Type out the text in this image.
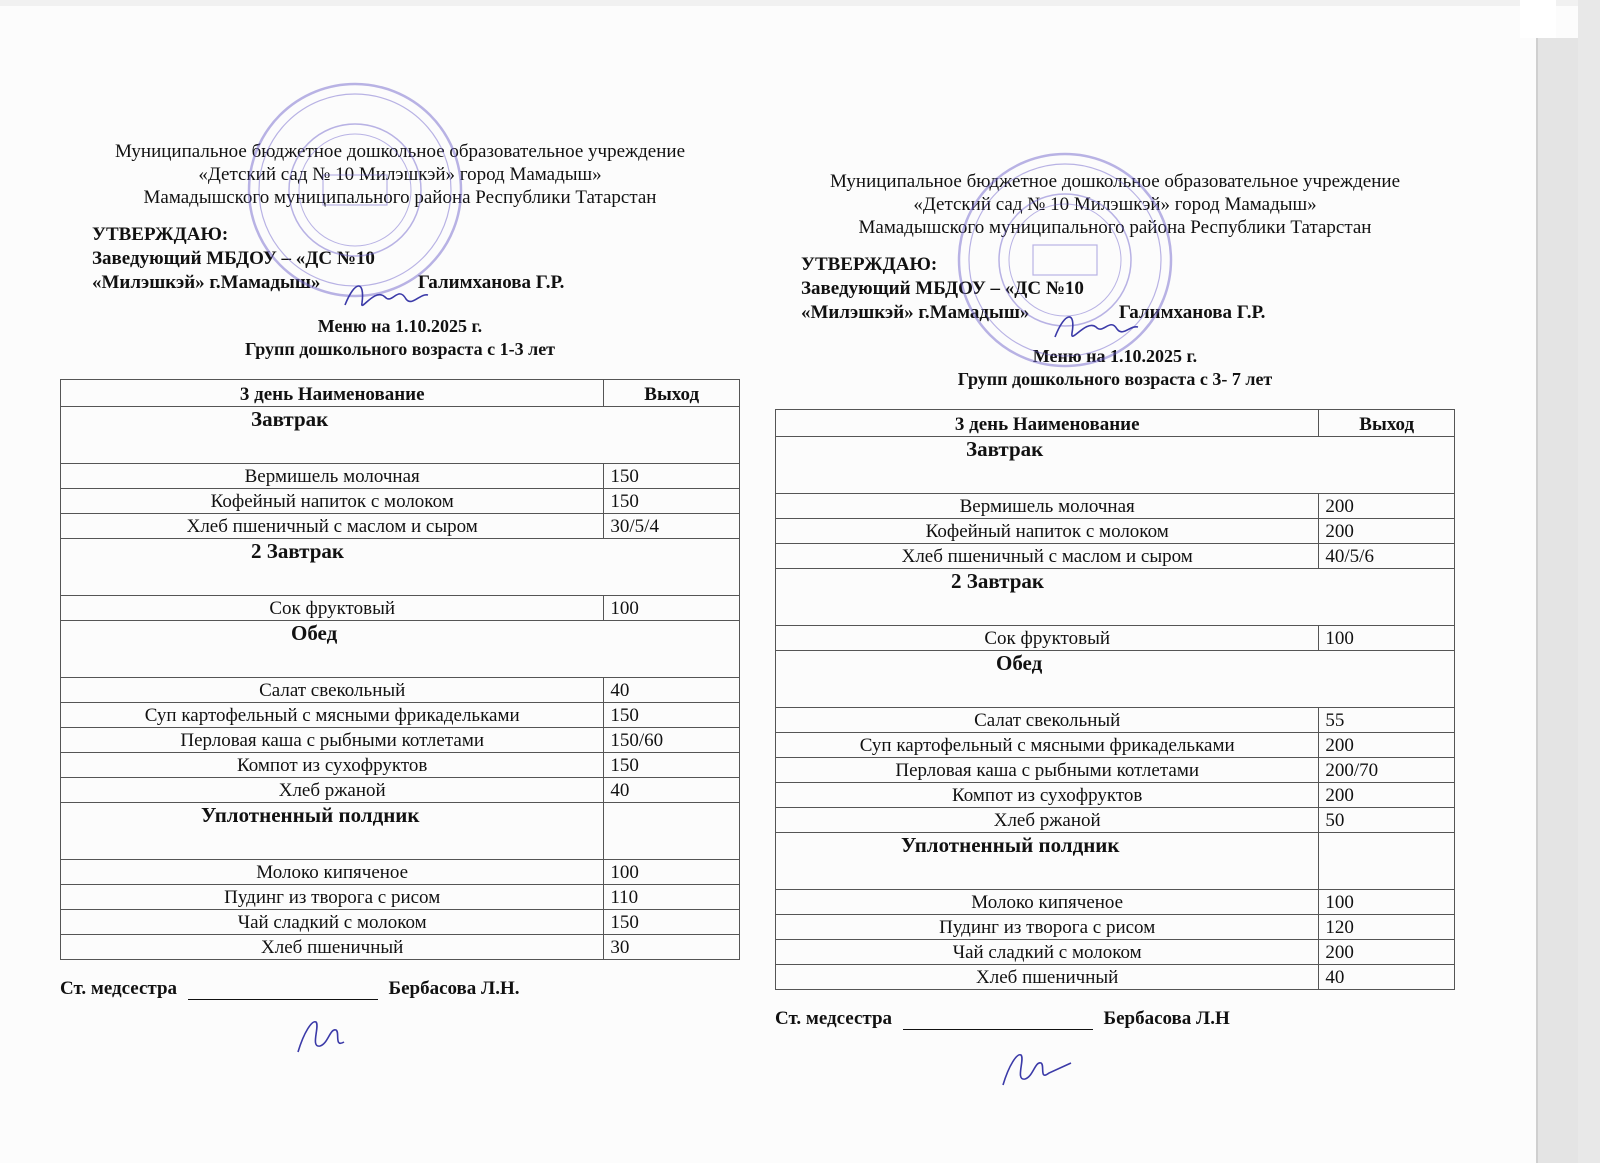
Муниципальное бюджетное дошкольное образовательное учреждение
«Детский сад № 10 Милэшкэй» город Мамадыш»
Мамадышского муниципального района Республики Татарстан
УТВЕРЖДАЮ:
Заведующий МБДОУ – «ДС №10
«Милэшкэй» г.Мамадыш»	Галимханова Г.Р.
Меню на 1.10.2025 г.
Групп дошкольного возраста с 1-3 лет
3 день Наименование	Выход
Завтрак	
Вермишель молочная	150
Кофейный напиток с молоком	150
Хлеб пшеничный с маслом и сыром	30/5/4
2 Завтрак	
Сок фруктовый	100
Обед	
Салат свекольный	40
Суп картофельный с мясными фрикадельками	150
Перловая каша с рыбными котлетами	150/60
Компот из сухофруктов	150
Хлеб ржаной	40
Уплотненный полдник	
Молоко кипяченое	100
Пудинг из творога с рисом	110
Чай сладкий с молоком	150
Хлеб пшеничный	30
Ст. медсестра	Бербасова Л.Н.
Муниципальное бюджетное дошкольное образовательное учреждение
«Детский сад № 10 Милэшкэй» город Мамадыш»
Мамадышского муниципального района Республики Татарстан
УТВЕРЖДАЮ:
Заведующий МБДОУ – «ДС №10
«Милэшкэй» г.Мамадыш»	Галимханова Г.Р.
Меню на 1.10.2025 г.
Групп дошкольного возраста с 3- 7 лет
3 день Наименование	Выход
Завтрак	
Вермишель молочная	200
Кофейный напиток с молоком	200
Хлеб пшеничный с маслом и сыром	40/5/6
2 Завтрак	
Сок фруктовый	100
Обед	
Салат свекольный	55
Суп картофельный с мясными фрикадельками	200
Перловая каша с рыбными котлетами	200/70
Компот из сухофруктов	200
Хлеб ржаной	50
Уплотненный полдник	
Молоко кипяченое	100
Пудинг из творога с рисом	120
Чай сладкий с молоком	200
Хлеб пшеничный	40
Ст. медсестра	Бербасова Л.Н
